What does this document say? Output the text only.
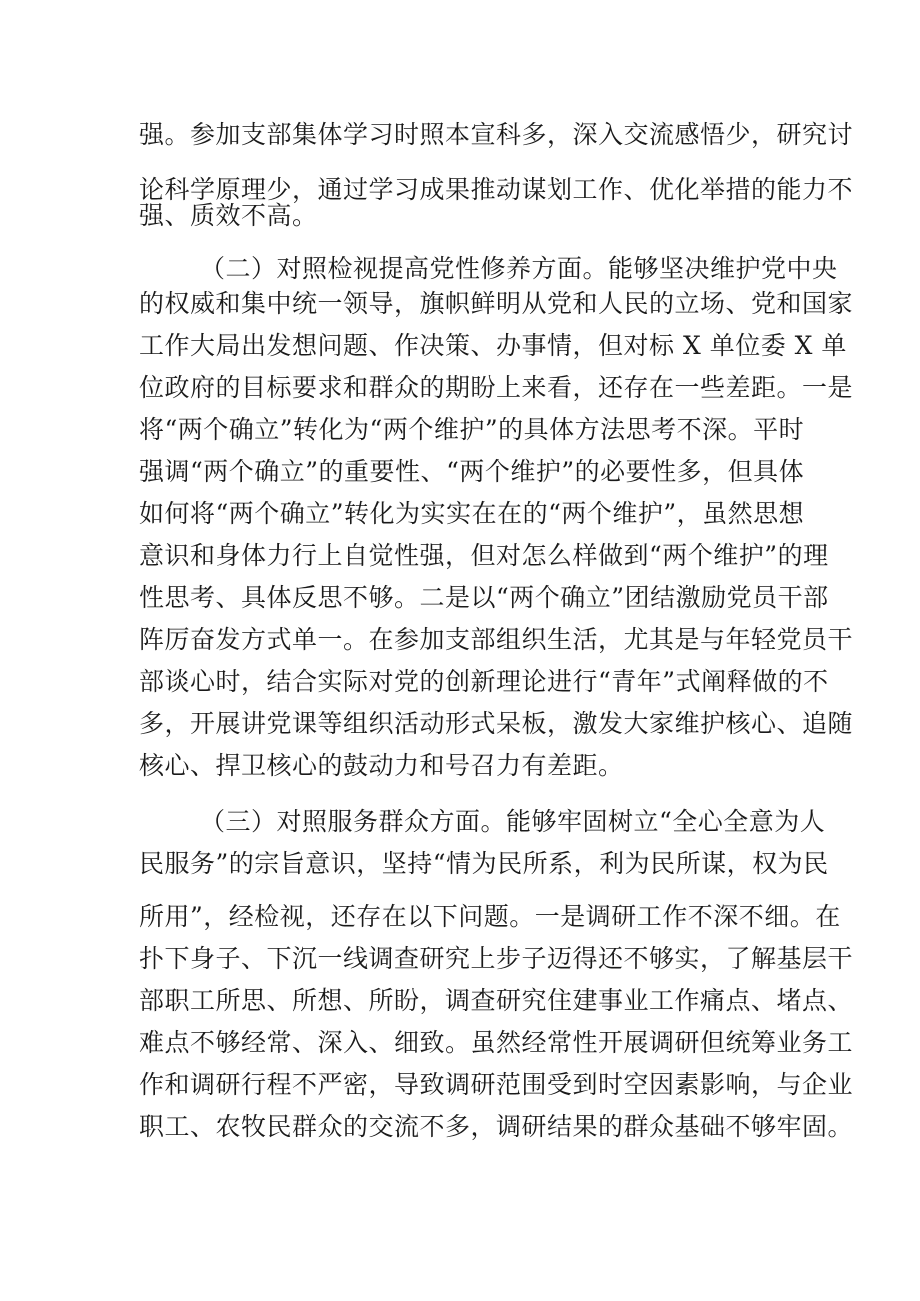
强。参加支部集体学习时照本宣科多，深入交流感悟少，研究讨
论科学原理少，通过学习成果推动谋划工作、优化举措的能力不
强、质效不高。
（二）对照检视提高党性修养方面。能够坚决维护党中央
的权威和集中统一领导，旗帜鲜明从党和人民的立场、党和国家
工作大局出发想问题、作决策、办事情，但对标 X 单位委 X 单
位政府的目标要求和群众的期盼上来看，还存在一些差距。一是
将“两个确立”转化为“两个维护”的具体方法思考不深。平时
强调“两个确立”的重要性、“两个维护”的必要性多，但具体
如何将“两个确立”转化为实实在在的“两个维护”，虽然思想
意识和身体力行上自觉性强，但对怎么样做到“两个维护”的理
性思考、具体反思不够。二是以“两个确立”团结激励党员干部
阵厉奋发方式单一。在参加支部组织生活，尤其是与年轻党员干
部谈心时，结合实际对党的创新理论进行“青年”式阐释做的不
多，开展讲党课等组织活动形式呆板，激发大家维护核心、追随
核心、捍卫核心的鼓动力和号召力有差距。
（三）对照服务群众方面。能够牢固树立“全心全意为人
民服务”的宗旨意识，坚持“情为民所系，利为民所谋，权为民
所用”，经检视，还存在以下问题。一是调研工作不深不细。在
扑下身子、下沉一线调查研究上步子迈得还不够实，了解基层干
部职工所思、所想、所盼，调查研究住建事业工作痛点、堵点、
难点不够经常、深入、细致。虽然经常性开展调研但统筹业务工
作和调研行程不严密，导致调研范围受到时空因素影响，与企业
职工、农牧民群众的交流不多，调研结果的群众基础不够牢固。
